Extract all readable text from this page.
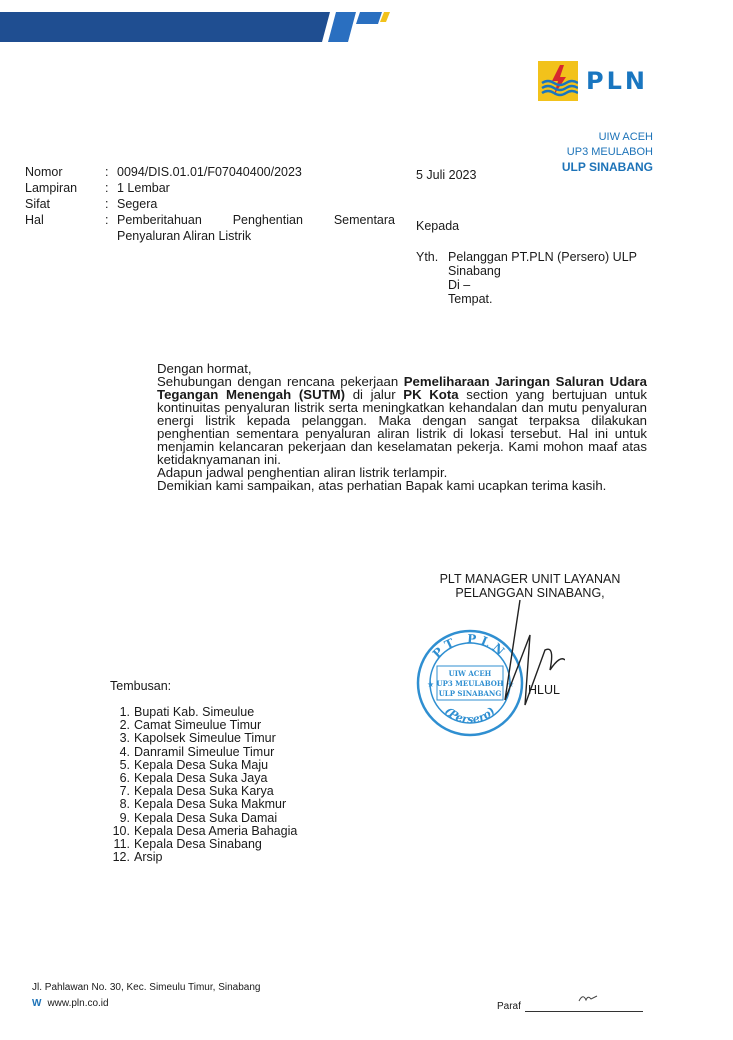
PLN
UIW ACEH
UP3 MEULABOH
ULP SINABANG
Nomor	: 0094/DIS.01.01/F07040400/2023
Lampiran	: 1 Lembar
Sifat	: Segera
Hal	: Pemberitahuan Penghentian Sementara Penyaluran Aliran Listrik
5 Juli 2023
Kepada
Yth. Pelanggan PT.PLN (Persero) ULP Sinabang
Di –
Tempat.

Dengan hormat,

Sehubungan dengan rencana pekerjaan Pemeliharaan Jaringan Saluran Udara Tegangan Menengah (SUTM) di jalur PK Kota section yang bertujuan untuk kontinuitas penyaluran listrik serta meningkatkan kehandalan dan mutu penyaluran energi listrik kepada pelanggan. Maka dengan sangat terpaksa dilakukan penghentian sementara penyaluran aliran listrik di lokasi tersebut. Hal ini untuk menjamin kelancaran pekerjaan dan keselamatan pekerja. Kami mohon maaf atas ketidaknyamanan ini.

Adapun jadwal penghentian aliran listrik terlampir.

Demikian kami sampaikan, atas perhatian Bapak kami ucapkan terima kasih.

PLT MANAGER UNIT LAYANAN
PELANGGAN SINABANG,
PT PLN
(Persero)
UIW ACEH
UP3 MEULABOH
ULP SINABANG
★	★ HLUL
Tembusan:
1. Bupati Kab. Simeulue
2. Camat Simeulue Timur
3. Kapolsek Simeulue Timur
4. Danramil Simeulue Timur
5. Kepala Desa Suka Maju
6. Kepala Desa Suka Jaya
7. Kepala Desa Suka Karya
8. Kepala Desa Suka Makmur
9. Kepala Desa Suka Damai
10. Kepala Desa Ameria Bahagia
11. Kepala Desa Sinabang
12. Arsip
Jl. Pahlawan No. 30, Kec. Simeulu Timur, Sinabang
W www.pln.co.id	Paraf
